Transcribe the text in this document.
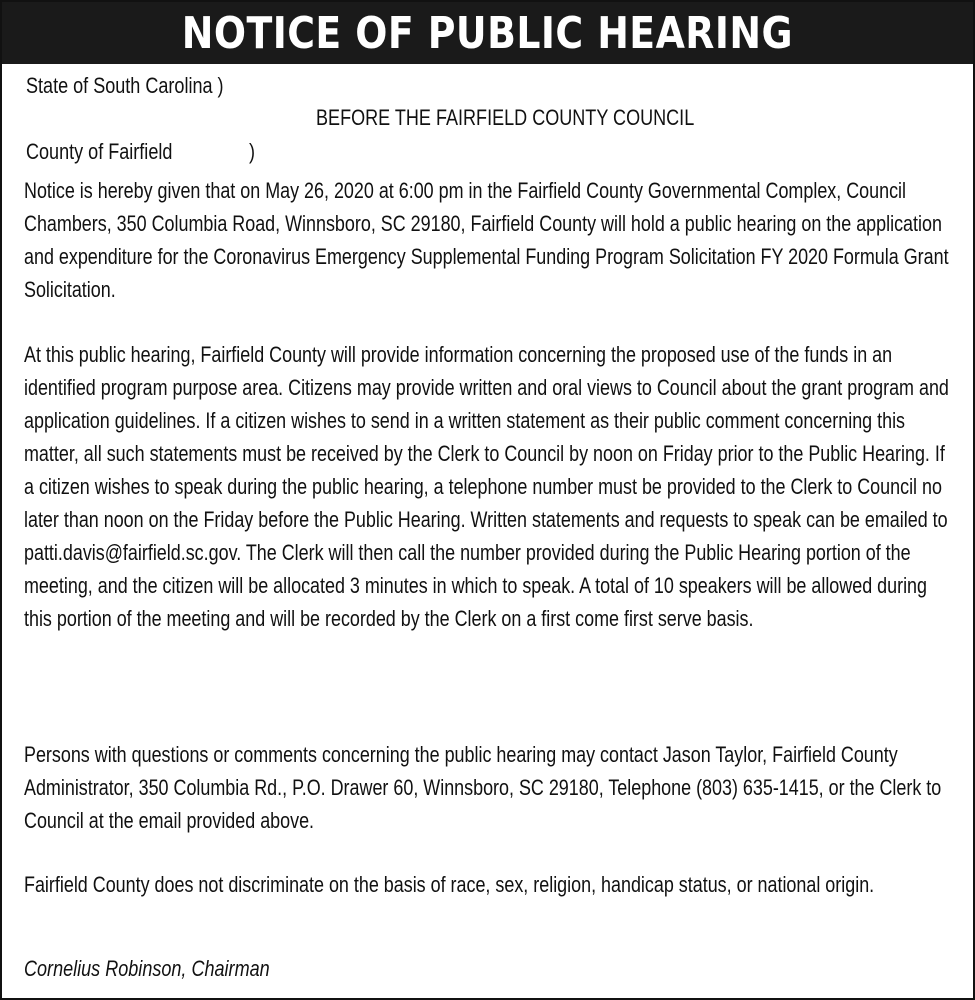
NOTICE OF PUBLIC HEARING
State of South Carolina )
BEFORE THE FAIRFIELD COUNTY COUNCIL
County of Fairfield	)

Notice is hereby given that on May 26, 2020 at 6:00 pm in the Fairfield County Governmental Complex, Council Chambers, 350 Columbia Road, Winnsboro, SC 29180, Fairfield County will hold a public hearing on the application and expenditure for the Coronavirus Emergency Supplemental Funding Program Solicitation FY 2020 Formula Grant Solicitation.

At this public hearing, Fairfield County will provide information concerning the proposed use of the funds in an identified program purpose area. Citizens may provide written and oral views to Council about the grant program and application guidelines. If a citizen wishes to send in a written statement as their public comment concerning this matter, all such statements must be received by the Clerk to Council by noon on Friday prior to the Public Hearing. If a citizen wishes to speak during the public hearing, a telephone number must be provided to the Clerk to Council no later than noon on the Friday before the Public Hearing. Written statements and requests to speak can be emailed to patti.davis@fairfield.sc.gov. The Clerk will then call the number provided during the Public Hearing portion of the meeting, and the citizen will be allocated 3 minutes in which to speak. A total of 10 speakers will be allowed during this portion of the meeting and will be recorded by the Clerk on a first come first serve basis.

Persons with questions or comments concerning the public hearing may contact Jason Taylor, Fairfield County Administrator, 350 Columbia Rd., P.O. Drawer 60, Winnsboro, SC 29180, Telephone (803) 635-1415, or the Clerk to Council at the email provided above.

Fairfield County does not discriminate on the basis of race, sex, religion, handicap status, or national origin.

Cornelius Robinson, Chairman
